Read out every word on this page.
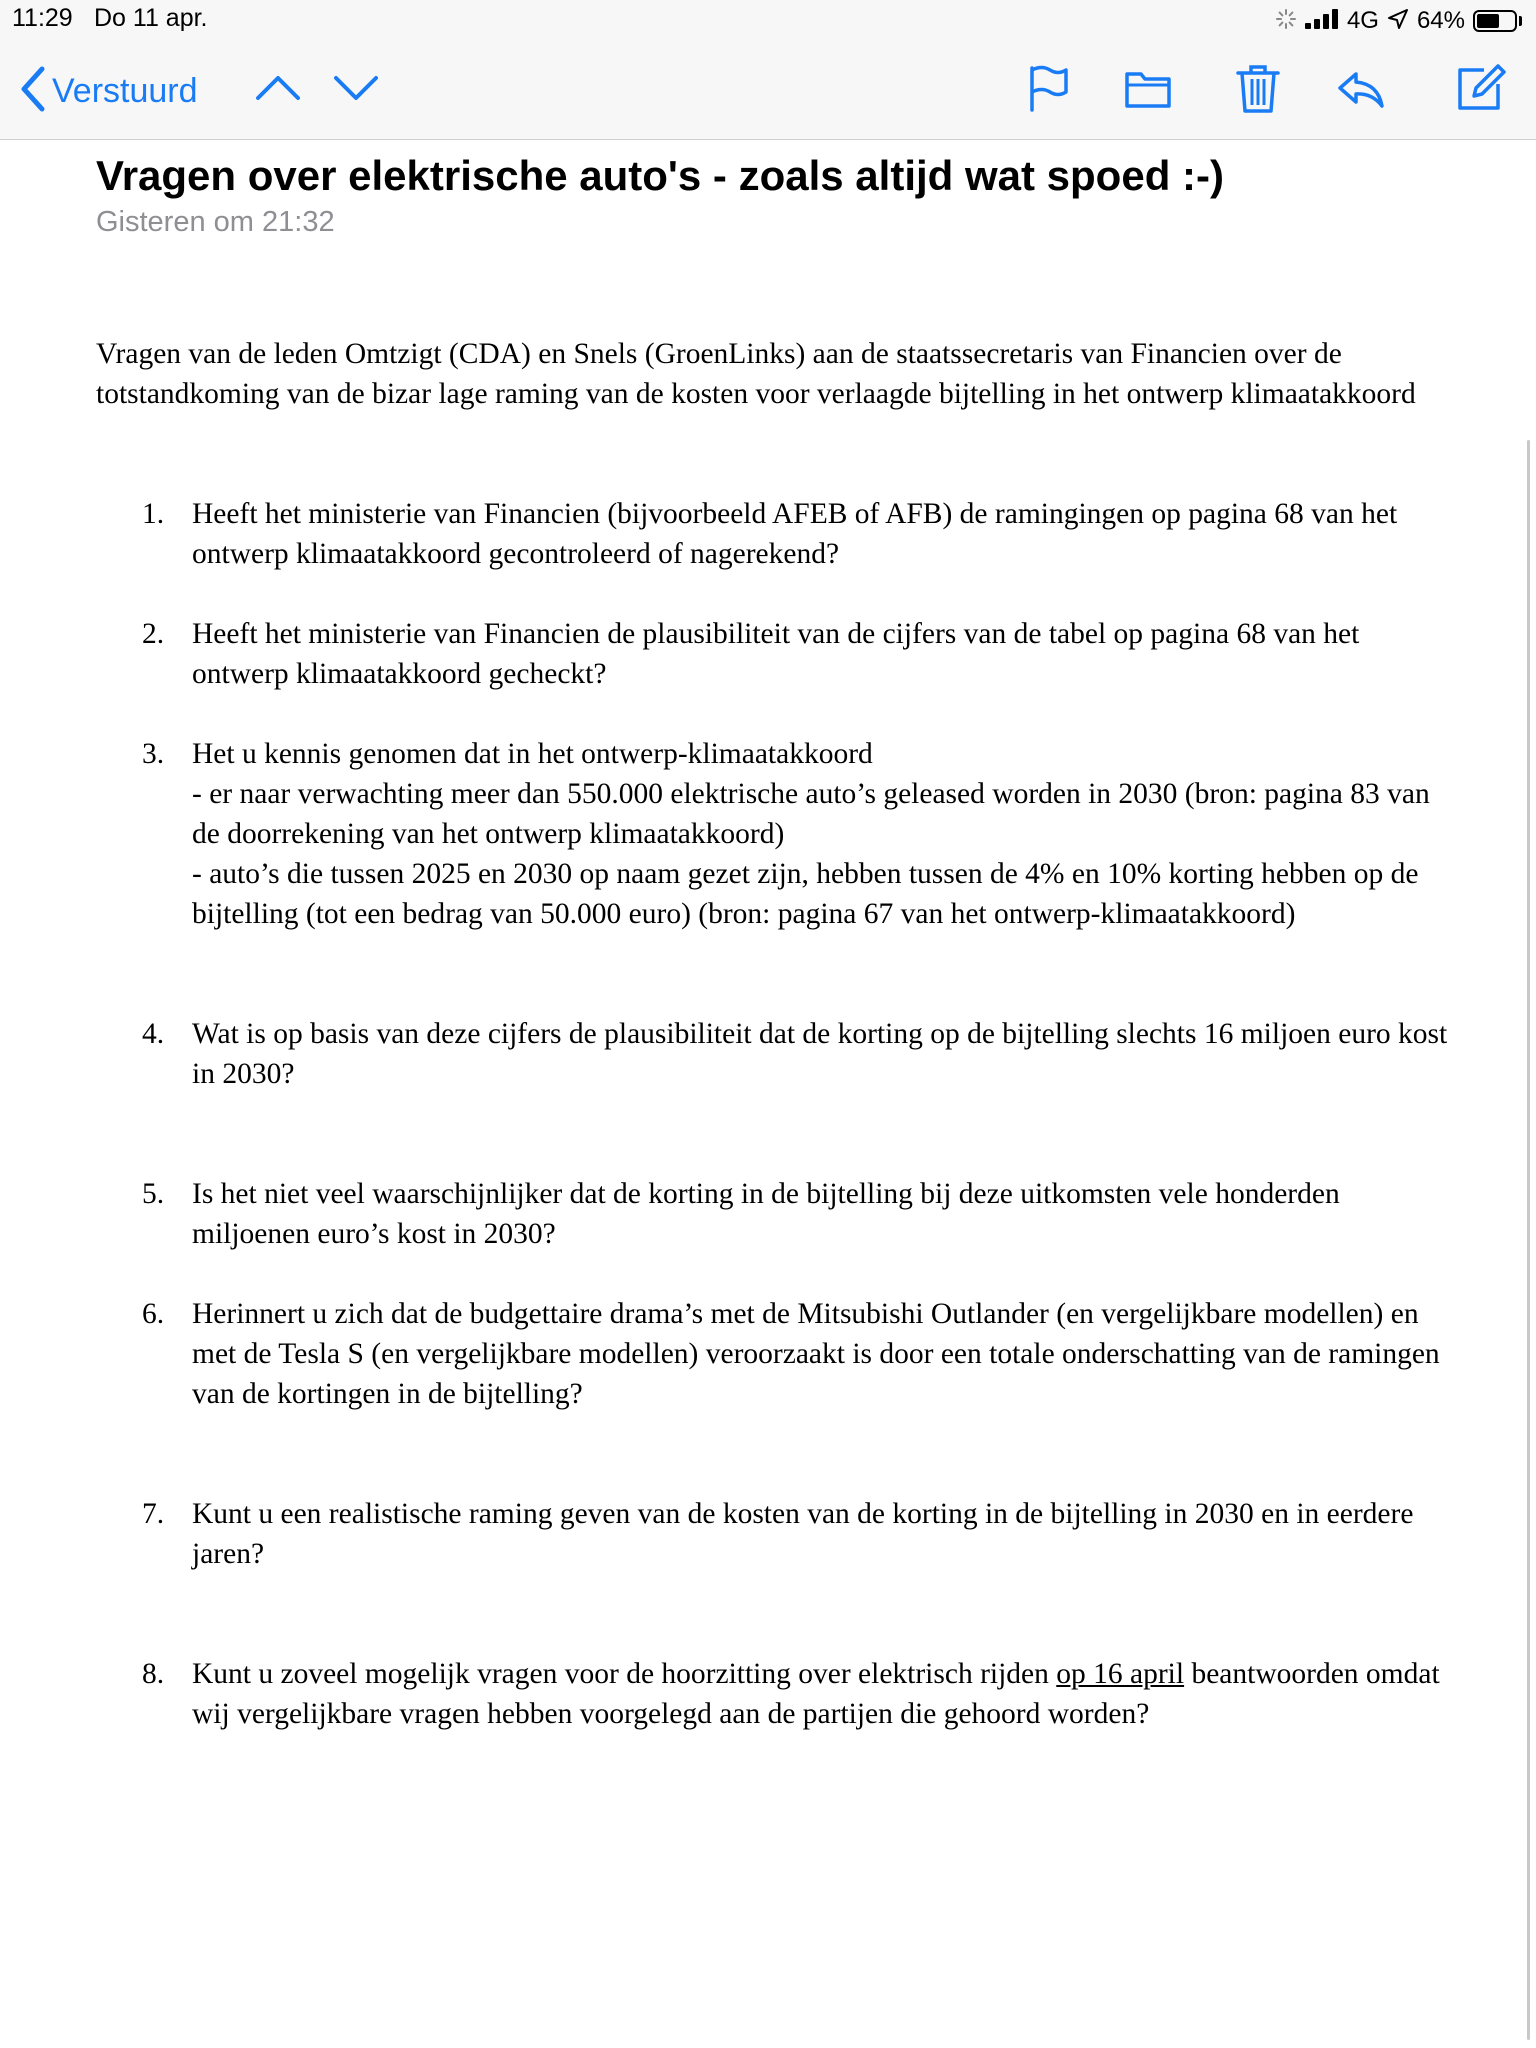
11:29 Do 11 apr.	4G 64%
Verstuurd
Vragen over elektrische auto's - zoals altijd wat spoed :-)
Gisteren om 21:32

Vragen van de leden Omtzigt (CDA) en Snels (GroenLinks) aan de staatssecretaris van Financien over de totstandkoming van de bizar lage raming van de kosten voor verlaagde bijtelling in het ontwerp klimaatakkoord

1. Heeft het ministerie van Financien (bijvoorbeeld AFEB of AFB) de ramingingen op pagina 68 van het ontwerp klimaatakkoord gecontroleerd of nagerekend?
2. Heeft het ministerie van Financien de plausibiliteit van de cijfers van de tabel op pagina 68 van het ontwerp klimaatakkoord gecheckt?
3. Het u kennis genomen dat in het ontwerp-klimaatakkoord
- er naar verwachting meer dan 550.000 elektrische auto’s geleased worden in 2030 (bron: pagina 83 van de doorrekening van het ontwerp klimaatakkoord)
- auto’s die tussen 2025 en 2030 op naam gezet zijn, hebben tussen de 4% en 10% korting hebben op de bijtelling (tot een bedrag van 50.000 euro) (bron: pagina 67 van het ontwerp-klimaatakkoord)
4. Wat is op basis van deze cijfers de plausibiliteit dat de korting op de bijtelling slechts 16 miljoen euro kost in 2030?
5. Is het niet veel waarschijnlijker dat de korting in de bijtelling bij deze uitkomsten vele honderden miljoenen euro’s kost in 2030?
6. Herinnert u zich dat de budgettaire drama’s met de Mitsubishi Outlander (en vergelijkbare modellen) en met de Tesla S (en vergelijkbare modellen) veroorzaakt is door een totale onderschatting van de ramingen van de kortingen in de bijtelling?
7. Kunt u een realistische raming geven van de kosten van de korting in de bijtelling in 2030 en in eerdere jaren?
8. Kunt u zoveel mogelijk vragen voor de hoorzitting over elektrisch rijden op 16 april beantwoorden omdat wij vergelijkbare vragen hebben voorgelegd aan de partijen die gehoord worden?
